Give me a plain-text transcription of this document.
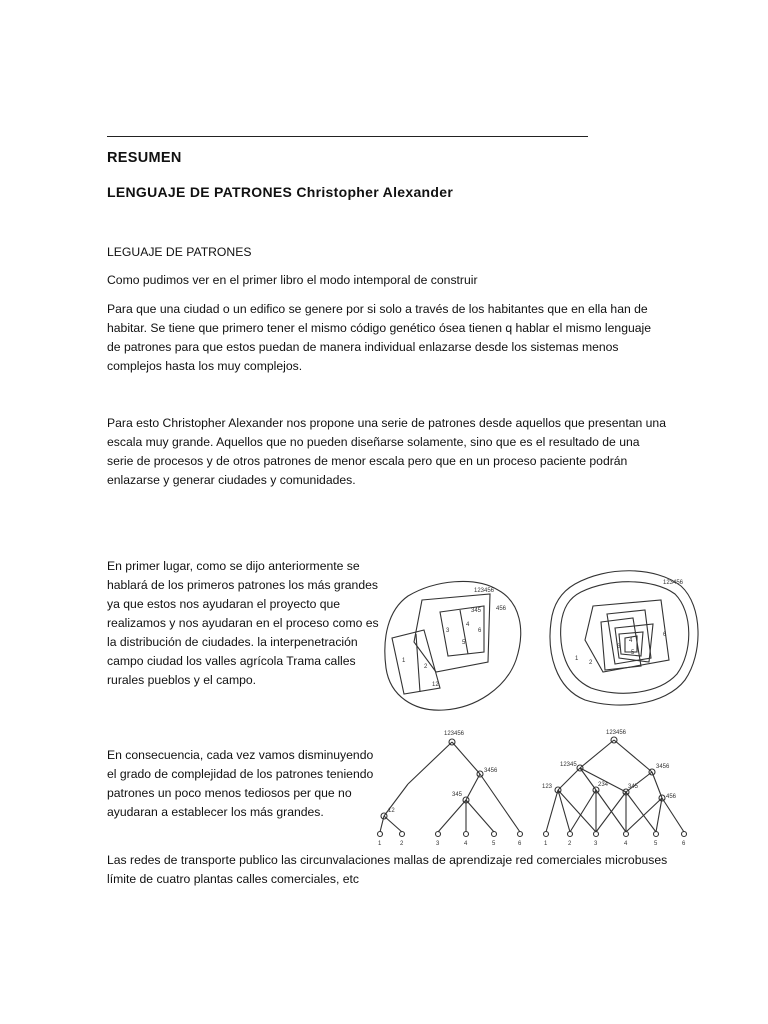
RESUMEN
LENGUAJE DE PATRONES Christopher Alexander
LEGUAJE DE PATRONES
Como pudimos ver en el primer libro el modo intemporal de construir
Para que una ciudad o un edifico se genere por si solo a través de los habitantes que en ella han de habitar. Se tiene que primero tener el mismo código genético ósea tienen q hablar el mismo lenguaje de patrones para que estos puedan de manera individual enlazarse desde los sistemas menos complejos hasta los muy complejos.
Para esto Christopher Alexander nos propone una serie de patrones desde aquellos que presentan una escala muy grande. Aquellos que no pueden diseñarse solamente, sino que es el resultado de una serie de procesos y de otros patrones de menor escala pero que en un proceso paciente podrán enlazarse y generar ciudades y comunidades.
En primer lugar, como se dijo anteriormente se hablará de los primeros patrones los más grandes ya que estos nos ayudaran el proyecto que realizamos y nos ayudaran en el proceso como es la distribución de ciudades. la interpenetración campo ciudad los valles agrícola Trama calles rurales pueblos y el campo.
En consecuencia, cada vez vamos disminuyendo el grado de complejidad de los patrones teniendo patrones un poco menos tediosos per que no ayudaran a establecer los más grandes.
Las redes de transporte publico las circunvalaciones mallas de aprendizaje red comerciales microbuses límite de cuatro plantas calles comerciales, etc
123456
345 456
3
4
6
5
1
2
12
123456
1
2
3
4
5
6
123456
3456
345
12
1	2	3	4	5	6
123456
12345	3456
123	234	345
456
1	2	3	4	5	6
